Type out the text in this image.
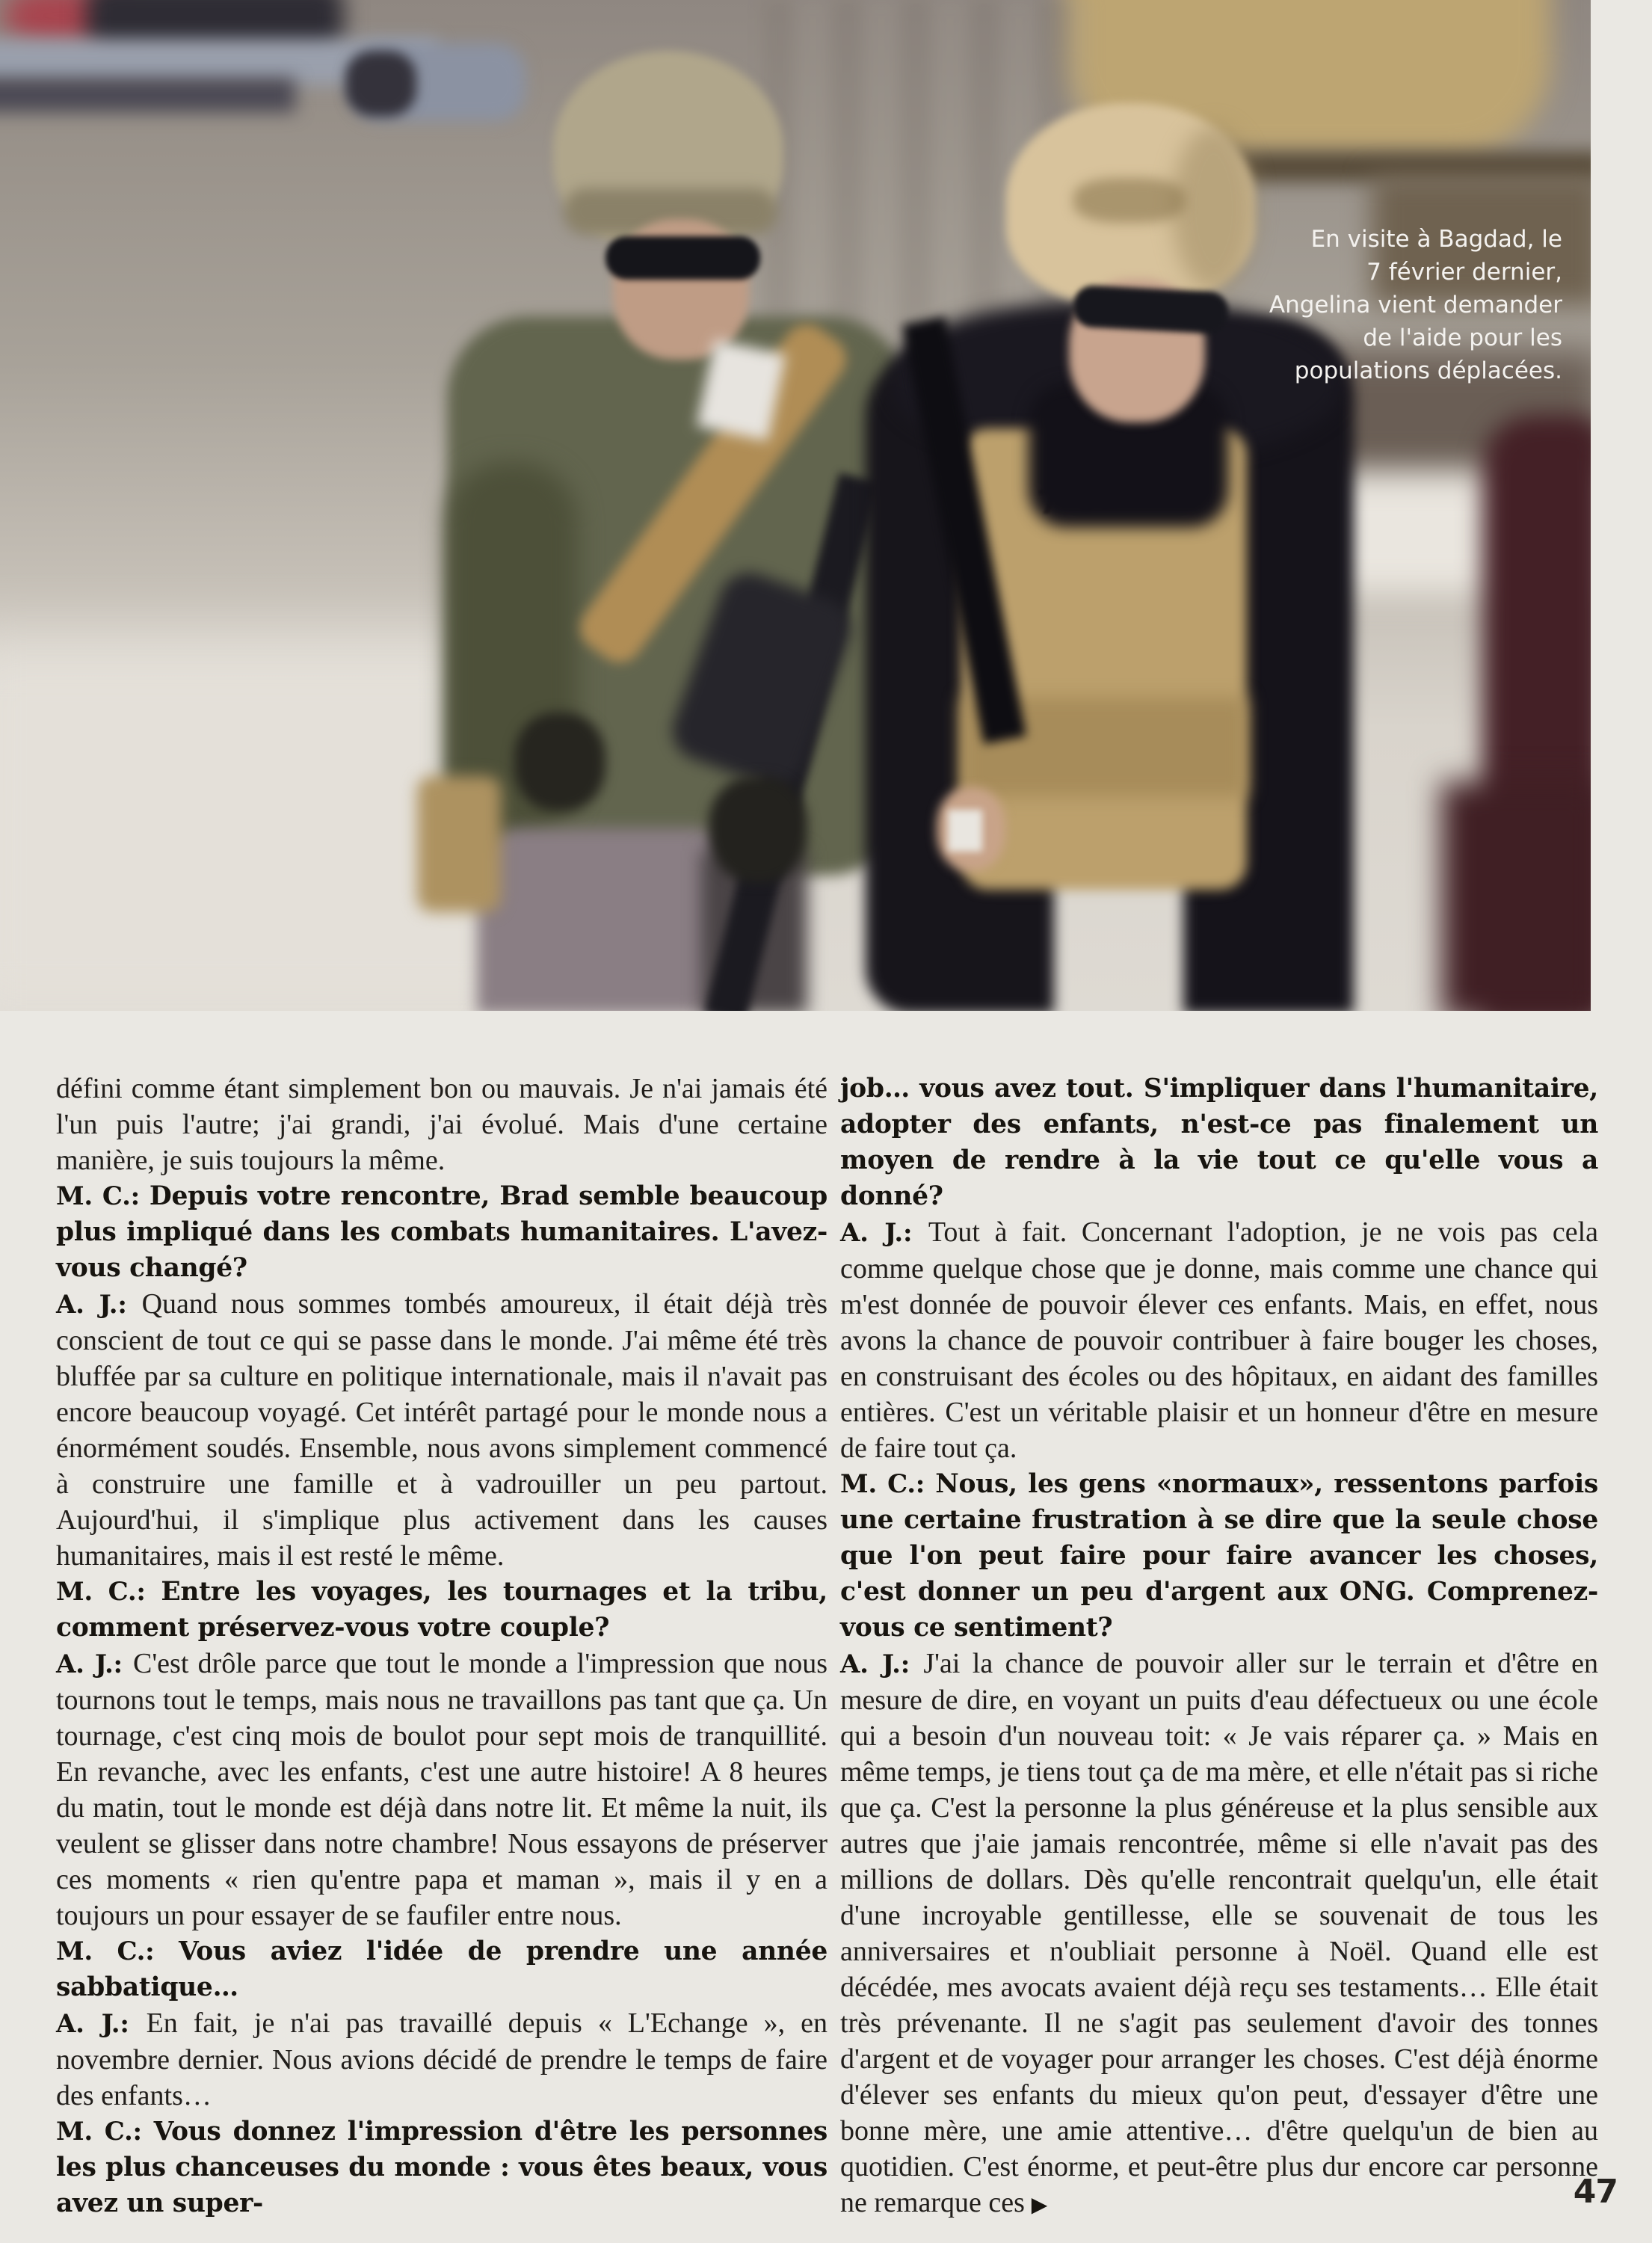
En visite à Bagdad, le
7 février dernier,
Angelina vient demander
de l'aide pour les
populations déplacées.

défini comme étant simplement bon ou mauvais. Je n'ai jamais été l'un puis l'autre; j'ai grandi, j'ai évolué. Mais d'une certaine manière, je suis toujours la même.

M. C.: Depuis votre rencontre, Brad semble beaucoup plus impliqué dans les combats humanitaires. L'avez-vous changé?

A. J.: Quand nous sommes tombés amoureux, il était déjà très conscient de tout ce qui se passe dans le monde. J'ai même été très bluffée par sa culture en politique internationale, mais il n'avait pas encore beaucoup voyagé. Cet intérêt partagé pour le monde nous a énormément soudés. Ensemble, nous avons simplement commencé à construire une famille et à vadrouiller un peu partout. Aujourd'hui, il s'implique plus activement dans les causes humanitaires, mais il est resté le même.

M. C.: Entre les voyages, les tournages et la tribu, comment préservez-vous votre couple?

A. J.: C'est drôle parce que tout le monde a l'impression que nous tournons tout le temps, mais nous ne travaillons pas tant que ça. Un tournage, c'est cinq mois de boulot pour sept mois de tranquillité. En revanche, avec les enfants, c'est une autre histoire! A 8 heures du matin, tout le monde est déjà dans notre lit. Et même la nuit, ils veulent se glisser dans notre chambre! Nous essayons de préserver ces moments « rien qu'entre papa et maman », mais il y en a toujours un pour essayer de se faufiler entre nous.

M. C.: Vous aviez l'idée de prendre une année sabbatique…

A. J.: En fait, je n'ai pas travaillé depuis « L'Echange », en novembre dernier. Nous avions décidé de prendre le temps de faire des enfants…

M. C.: Vous donnez l'impression d'être les personnes les plus chanceuses du monde : vous êtes beaux, vous avez un super-

job… vous avez tout. S'impliquer dans l'humanitaire, adopter des enfants, n'est-ce pas finalement un moyen de rendre à la vie tout ce qu'elle vous a donné?

A. J.: Tout à fait. Concernant l'adoption, je ne vois pas cela comme quelque chose que je donne, mais comme une chance qui m'est donnée de pouvoir élever ces enfants. Mais, en effet, nous avons la chance de pouvoir contribuer à faire bouger les choses, en construisant des écoles ou des hôpitaux, en aidant des familles entières. C'est un véritable plaisir et un honneur d'être en mesure de faire tout ça.

M. C.: Nous, les gens «normaux», ressentons parfois une certaine frustration à se dire que la seule chose que l'on peut faire pour faire avancer les choses, c'est donner un peu d'argent aux ONG. Comprenez-vous ce sentiment?

A. J.: J'ai la chance de pouvoir aller sur le terrain et d'être en mesure de dire, en voyant un puits d'eau défectueux ou une école qui a besoin d'un nouveau toit: « Je vais réparer ça. » Mais en même temps, je tiens tout ça de ma mère, et elle n'était pas si riche que ça. C'est la personne la plus généreuse et la plus sensible aux autres que j'aie jamais rencontrée, même si elle n'avait pas des millions de dollars. Dès qu'elle rencontrait quelqu'un, elle était d'une incroyable gentillesse, elle se souvenait de tous les anniversaires et n'oubliait personne à Noël. Quand elle est décédée, mes avocats avaient déjà reçu ses testaments… Elle était très prévenante. Il ne s'agit pas seulement d'avoir des tonnes d'argent et de voyager pour arranger les choses. C'est déjà énorme d'élever ses enfants du mieux qu'on peut, d'essayer d'être une bonne mère, une amie attentive… d'être quelqu'un de bien au quotidien. C'est énorme, et peut-être plus dur encore car personne ne remarque ces ▶	47
